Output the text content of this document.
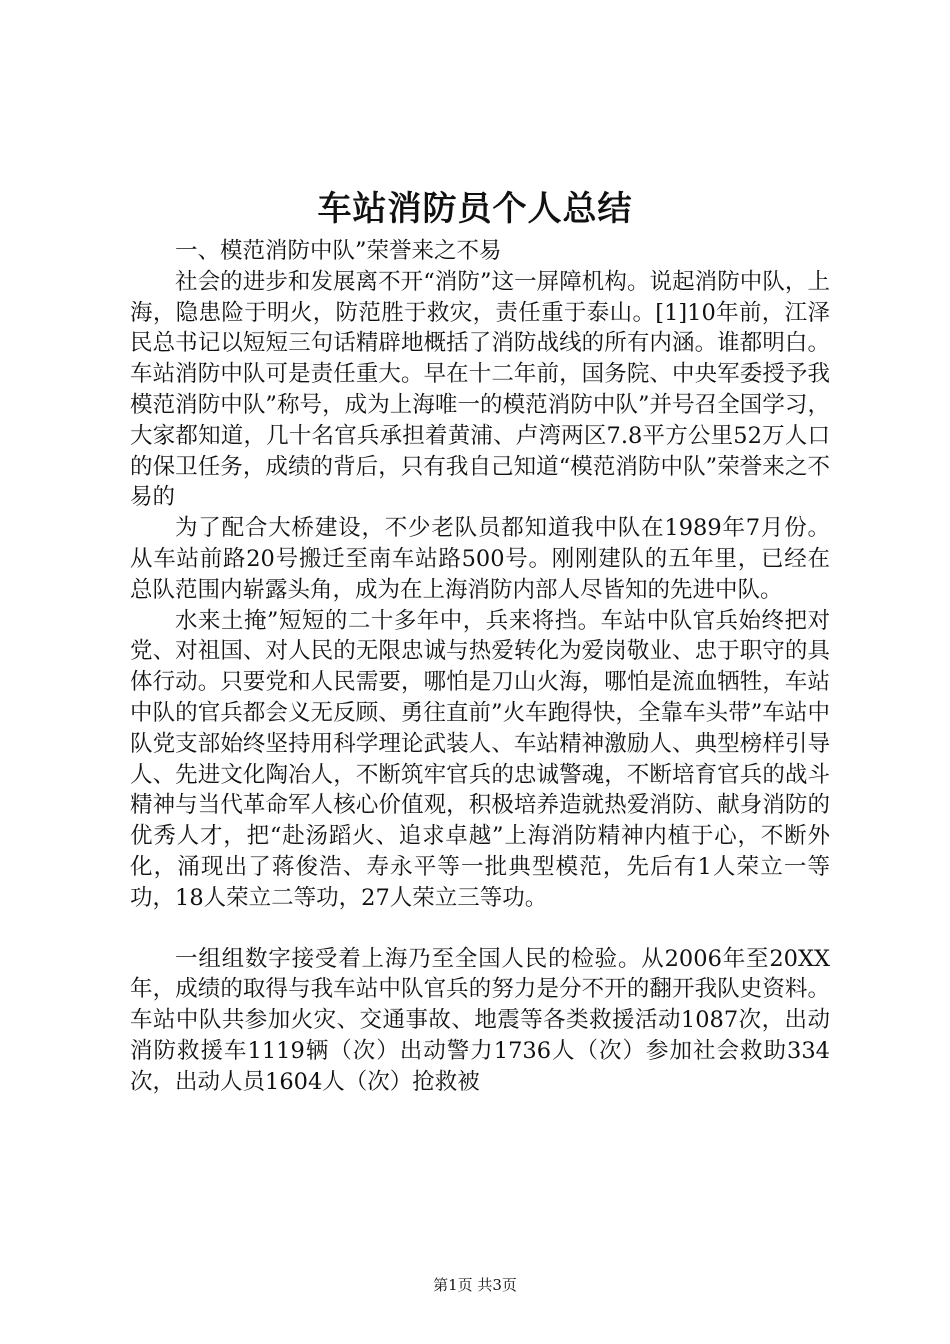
车站消防员个人总结

一、模范消防中队”荣誉来之不易

社会的进步和发展离不开“消防”这一屏障机构。说起消防中队，上海，隐患险于明火，防范胜于救灾，责任重于泰山。[1]10年前，江泽民总书记以短短三句话精辟地概括了消防战线的所有内涵。谁都明白。车站消防中队可是责任重大。早在十二年前，国务院、中央军委授予我模范消防中队”称号，成为上海唯一的模范消防中队”并号召全国学习，大家都知道，几十名官兵承担着黄浦、卢湾两区7.8平方公里52万人口的保卫任务，成绩的背后，只有我自己知道“模范消防中队”荣誉来之不易的

为了配合大桥建设，不少老队员都知道我中队在1989年7月份。从车站前路20号搬迁至南车站路500号。刚刚建队的五年里，已经在总队范围内崭露头角，成为在上海消防内部人尽皆知的先进中队。

水来土掩”短短的二十多年中，兵来将挡。车站中队官兵始终把对党、对祖国、对人民的无限忠诚与热爱转化为爱岗敬业、忠于职守的具体行动。只要党和人民需要，哪怕是刀山火海，哪怕是流血牺牲，车站中队的官兵都会义无反顾、勇往直前”火车跑得快，全靠车头带”车站中队党支部始终坚持用科学理论武装人、车站精神激励人、典型榜样引导人、先进文化陶冶人，不断筑牢官兵的忠诚警魂，不断培育官兵的战斗精神与当代革命军人核心价值观，积极培养造就热爱消防、献身消防的优秀人才，把“赴汤蹈火、追求卓越”上海消防精神内植于心，不断外化，涌现出了蒋俊浩、寿永平等一批典型模范，先后有1人荣立一等功，18人荣立二等功，27人荣立三等功。

一组组数字接受着上海乃至全国人民的检验。从2006年至20XX年，成绩的取得与我车站中队官兵的努力是分不开的翻开我队史资料。车站中队共参加火灾、交通事故、地震等各类救援活动1087次，出动消防救援车1119辆（次）出动警力1736人（次）参加社会救助334次，出动人员1604人（次）抢救被

第1页 共3页
